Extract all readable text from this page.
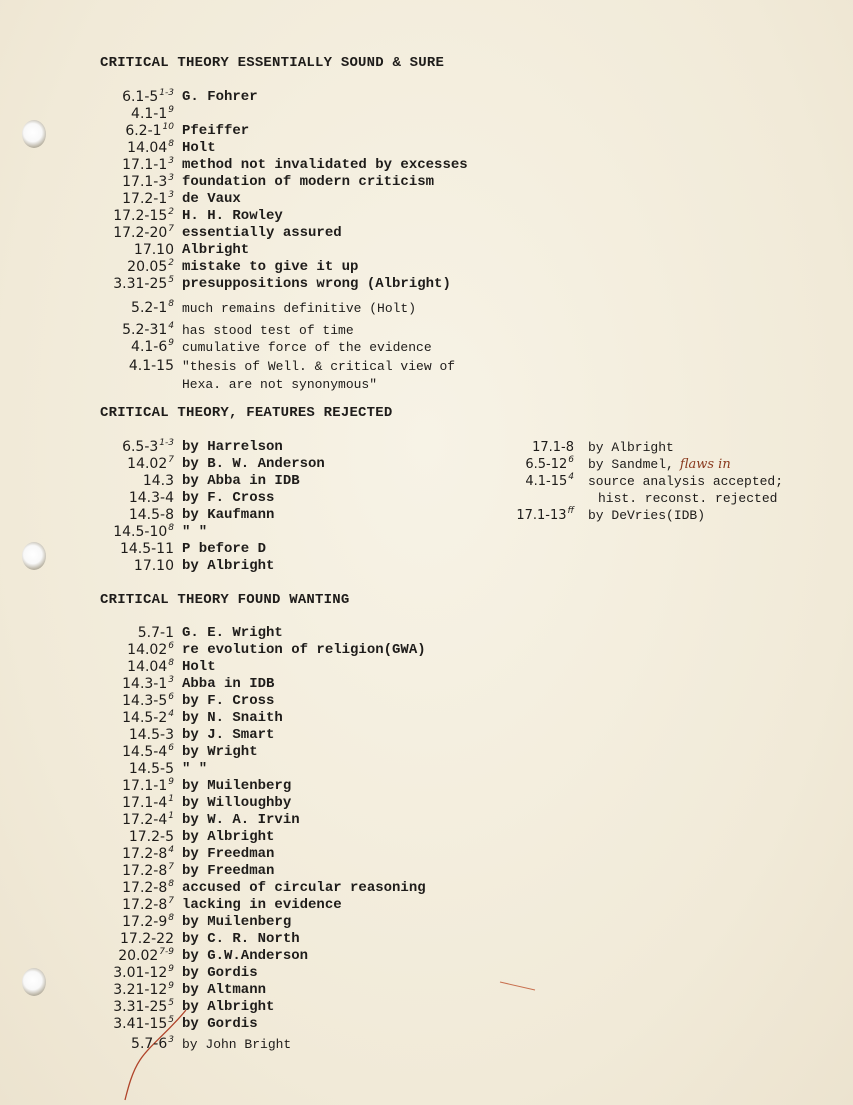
CRITICAL THEORY ESSENTIALLY SOUND & SURE
6.1-5$^{1-3}$ G. Fohrer
$4.1-1^9$
$6.2-1^{10}$ Pfeiffer
14.04$^8$ Holt
$17.1-1^3$ method not invalidated by excesses
$17.1-3^3$ foundation of modern criticism
$17.2-1^3$ de Vaux
$17.2-15^2$ H. H. Rowley
$17.2-20^7$ essentially assured
17.10 Albright
20.05$^2$ mistake to give it up
$3.31-25^5$ presuppositions wrong (Albright)
$5.2-1^8$ much remains definitive (Holt)
$5.2-31^4$ has stood test of time
$4.1-6^9$ cumulative force of the evidence
4.1-15 "thesis of Well. & critical view of
Hexa. are not synonymous"
CRITICAL THEORY, FEATURES REJECTED
6.5-3$^{1-3}$ by Harrelson
14.02$^7$ by B. W. Anderson
14.3 by Abba in IDB
14.3-4 by F. Cross
14.5-8 by Kaufmann
$14.5-10^8$ " "
14.5-11 P before D
17.10 by Albright
17.1-8 by Albright
$6.5-12^6$ by Sandmel, flaws in
$4.1-15^4$ source analysis accepted;
hist. reconst. rejected
$17.1-13^{ff}$ by DeVries(IDB)
CRITICAL THEORY FOUND WANTING
5.7-1 G. E. Wright
14.02$^6$ re evolution of religion(GWA)
14.04$^8$ Holt
$14.3-1^3$ Abba in IDB
$14.3-5^6$ by F. Cross
$14.5-2^4$ by N. Snaith
14.5-3 by J. Smart
$14.5-4^6$ by Wright
14.5-5 " "
$17.1-1^9$ by Muilenberg
$17.1-4^1$ by Willoughby
$17.2-4^1$ by W. A. Irvin
17.2-5 by Albright
$17.2-8^4$ by Freedman
$17.2-8^7$ by Freedman
$17.2-8^8$ accused of circular reasoning
$17.2-8^7$ lacking in evidence
$17.2-9^8$ by Muilenberg
17.2-22 by C. R. North
20.02$^{7-9}$ by G.W.Anderson
$3.01-12^9$ by Gordis
$3.21-12^9$ by Altmann
$3.31-25^5$ by Albright
$3.41-15^5$ by Gordis
$5.7-6^3$ by John Bright
